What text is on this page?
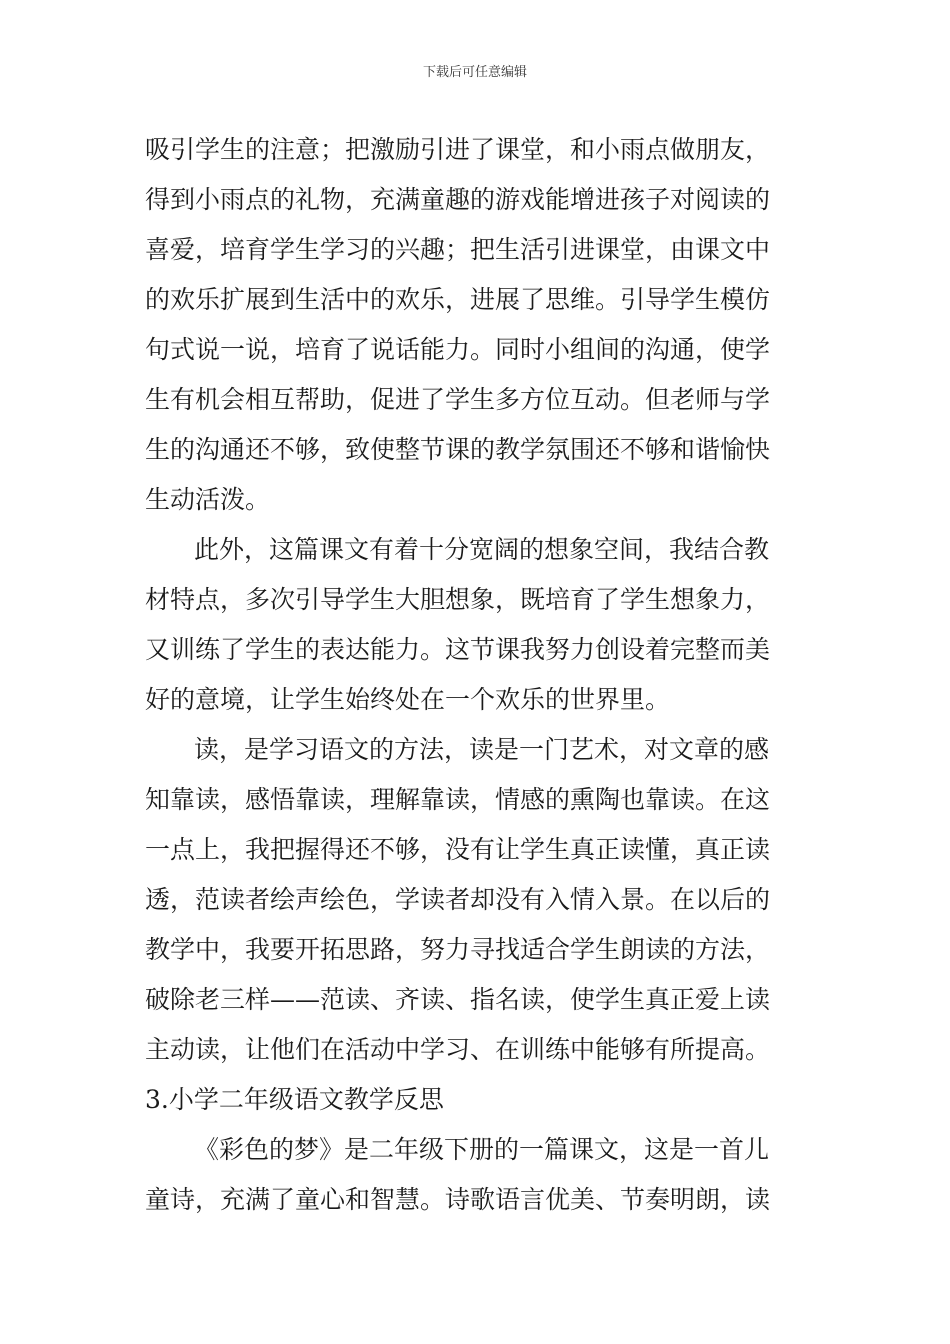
下载后可任意编辑
吸引学生的注意；把激励引进了课堂，和小雨点做朋友，
得到小雨点的礼物，充满童趣的游戏能增进孩子对阅读的
喜爱，培育学生学习的兴趣；把生活引进课堂，由课文中
的欢乐扩展到生活中的欢乐，进展了思维。引导学生模仿
句式说一说，培育了说话能力。同时小组间的沟通，使学
生有机会相互帮助，促进了学生多方位互动。但老师与学
生的沟通还不够，致使整节课的教学氛围还不够和谐愉快
生动活泼。
此外，这篇课文有着十分宽阔的想象空间，我结合教
材特点，多次引导学生大胆想象，既培育了学生想象力，
又训练了学生的表达能力。这节课我努力创设着完整而美
好的意境，让学生始终处在一个欢乐的世界里。
读，是学习语文的方法，读是一门艺术，对文章的感
知靠读，感悟靠读，理解靠读，情感的熏陶也靠读。在这
一点上，我把握得还不够，没有让学生真正读懂，真正读
透，范读者绘声绘色，学读者却没有入情入景。在以后的
教学中，我要开拓思路，努力寻找适合学生朗读的方法，
破除老三样——范读、齐读、指名读，使学生真正爱上读
主动读，让他们在活动中学习、在训练中能够有所提高。
3.小学二年级语文教学反思
《彩色的梦》是二年级下册的一篇课文，这是一首儿
童诗，充满了童心和智慧。诗歌语言优美、节奏明朗，读
